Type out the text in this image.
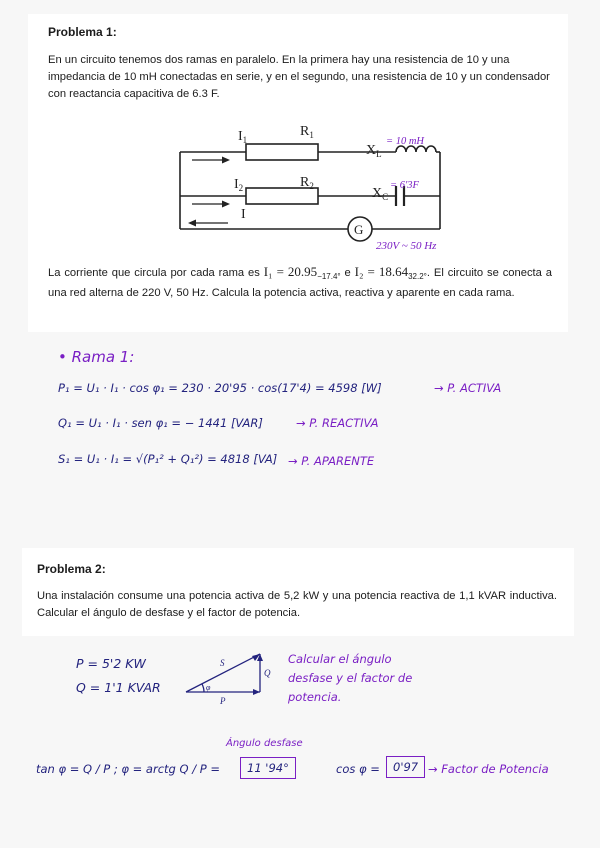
Problema 1:
En un circuito tenemos dos ramas en paralelo. En la primera hay una resistencia de 10 y una impedancia de 10 mH conectadas en serie, y en el segundo, una resistencia de 10 y un condensador con reactancia capacitiva de 6.3 F.
$I_1$
$I_2$
I
$R_1$
$R_2$
$X_L$
$X_C$
G
= 10 mH
= 6'3F
230V ~ 50 Hz
La corriente que circula por cada rama es $I_1 = 20.95_{-17.4^\circ}$ e $I_2 = 18.64_{32.2^\circ}$. El circuito se conecta a una red alterna de 220 V, 50 Hz. Calcula la potencia activa, reactiva y aparente en cada rama.
• Rama 1:
P₁ = U₁ · I₁ · cos φ₁ = 230 · 20'95 · cos(17'4) = 4598 [W]	→ P. ACTIVA
Q₁ = U₁ · I₁ · sen φ₁ = − 1441 [VAR]	→ P. REACTIVA
S₁ = U₁ · I₁ = √(P₁² + Q₁²) = 4818 [VA] → P. APARENTE
Problema 2:
Una instalación consume una potencia activa de 5,2 kW y una potencia reactiva de 1,1 kVAR inductiva. Calcular el ángulo de desfase y el factor de potencia.
P = 5'2 KW
Q = 1'1 KVAR
S
Q
P
φ
Calcular el ángulo desfase y el factor de potencia.
Ángulo desfase
tan φ = Q / P ; φ = arctg Q / P =	11 '94°	cos φ =	0'97 → Factor de Potencia
